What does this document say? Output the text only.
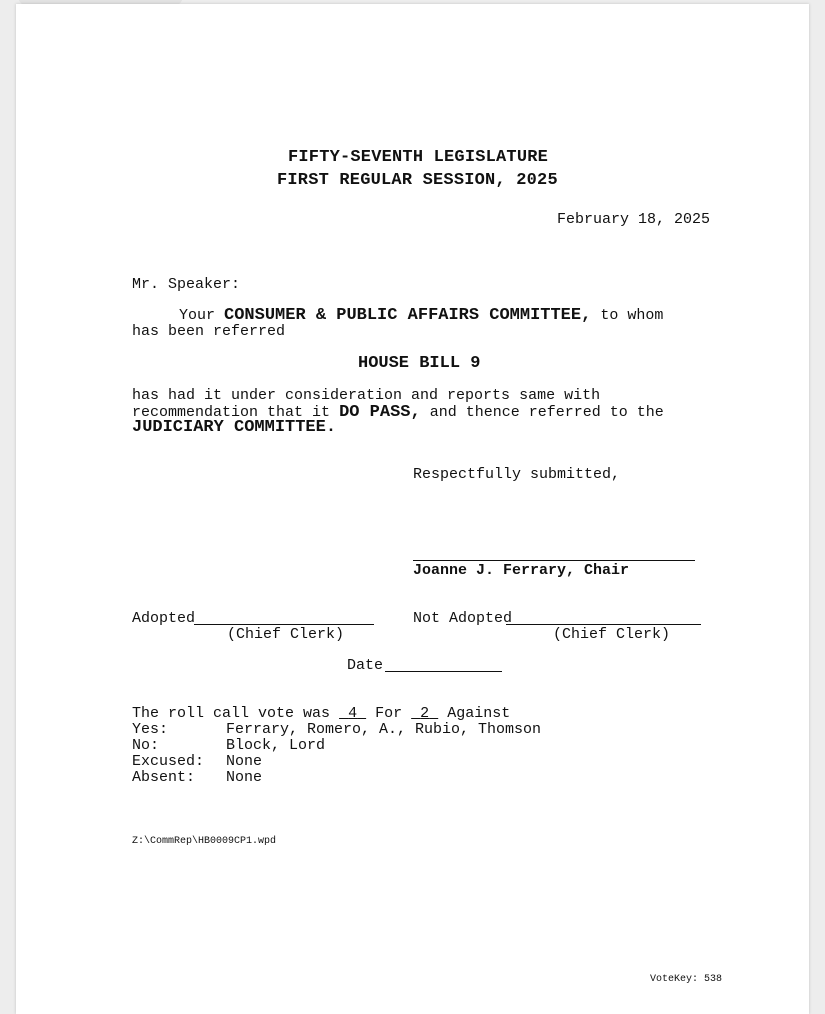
FIFTY-SEVENTH LEGISLATURE
FIRST REGULAR SESSION, 2025
February 18, 2025
Mr. Speaker:
Your CONSUMER & PUBLIC AFFAIRS COMMITTEE, to whom
has been referred
HOUSE BILL 9
has had it under consideration and reports same with
recommendation that it DO PASS, and thence referred to the
JUDICIARY COMMITTEE.
Respectfully submitted,
Joanne J. Ferrary, Chair
Adopted
(Chief Clerk)
Not Adopted
(Chief Clerk)
Date
The roll call vote was 4 For 2 Against
Yes:	Ferrary, Romero, A., Rubio, Thomson
No:	Block, Lord
Excused: None
Absent: None
Z:\CommRep\HB0009CP1.wpd
VoteKey: 538
